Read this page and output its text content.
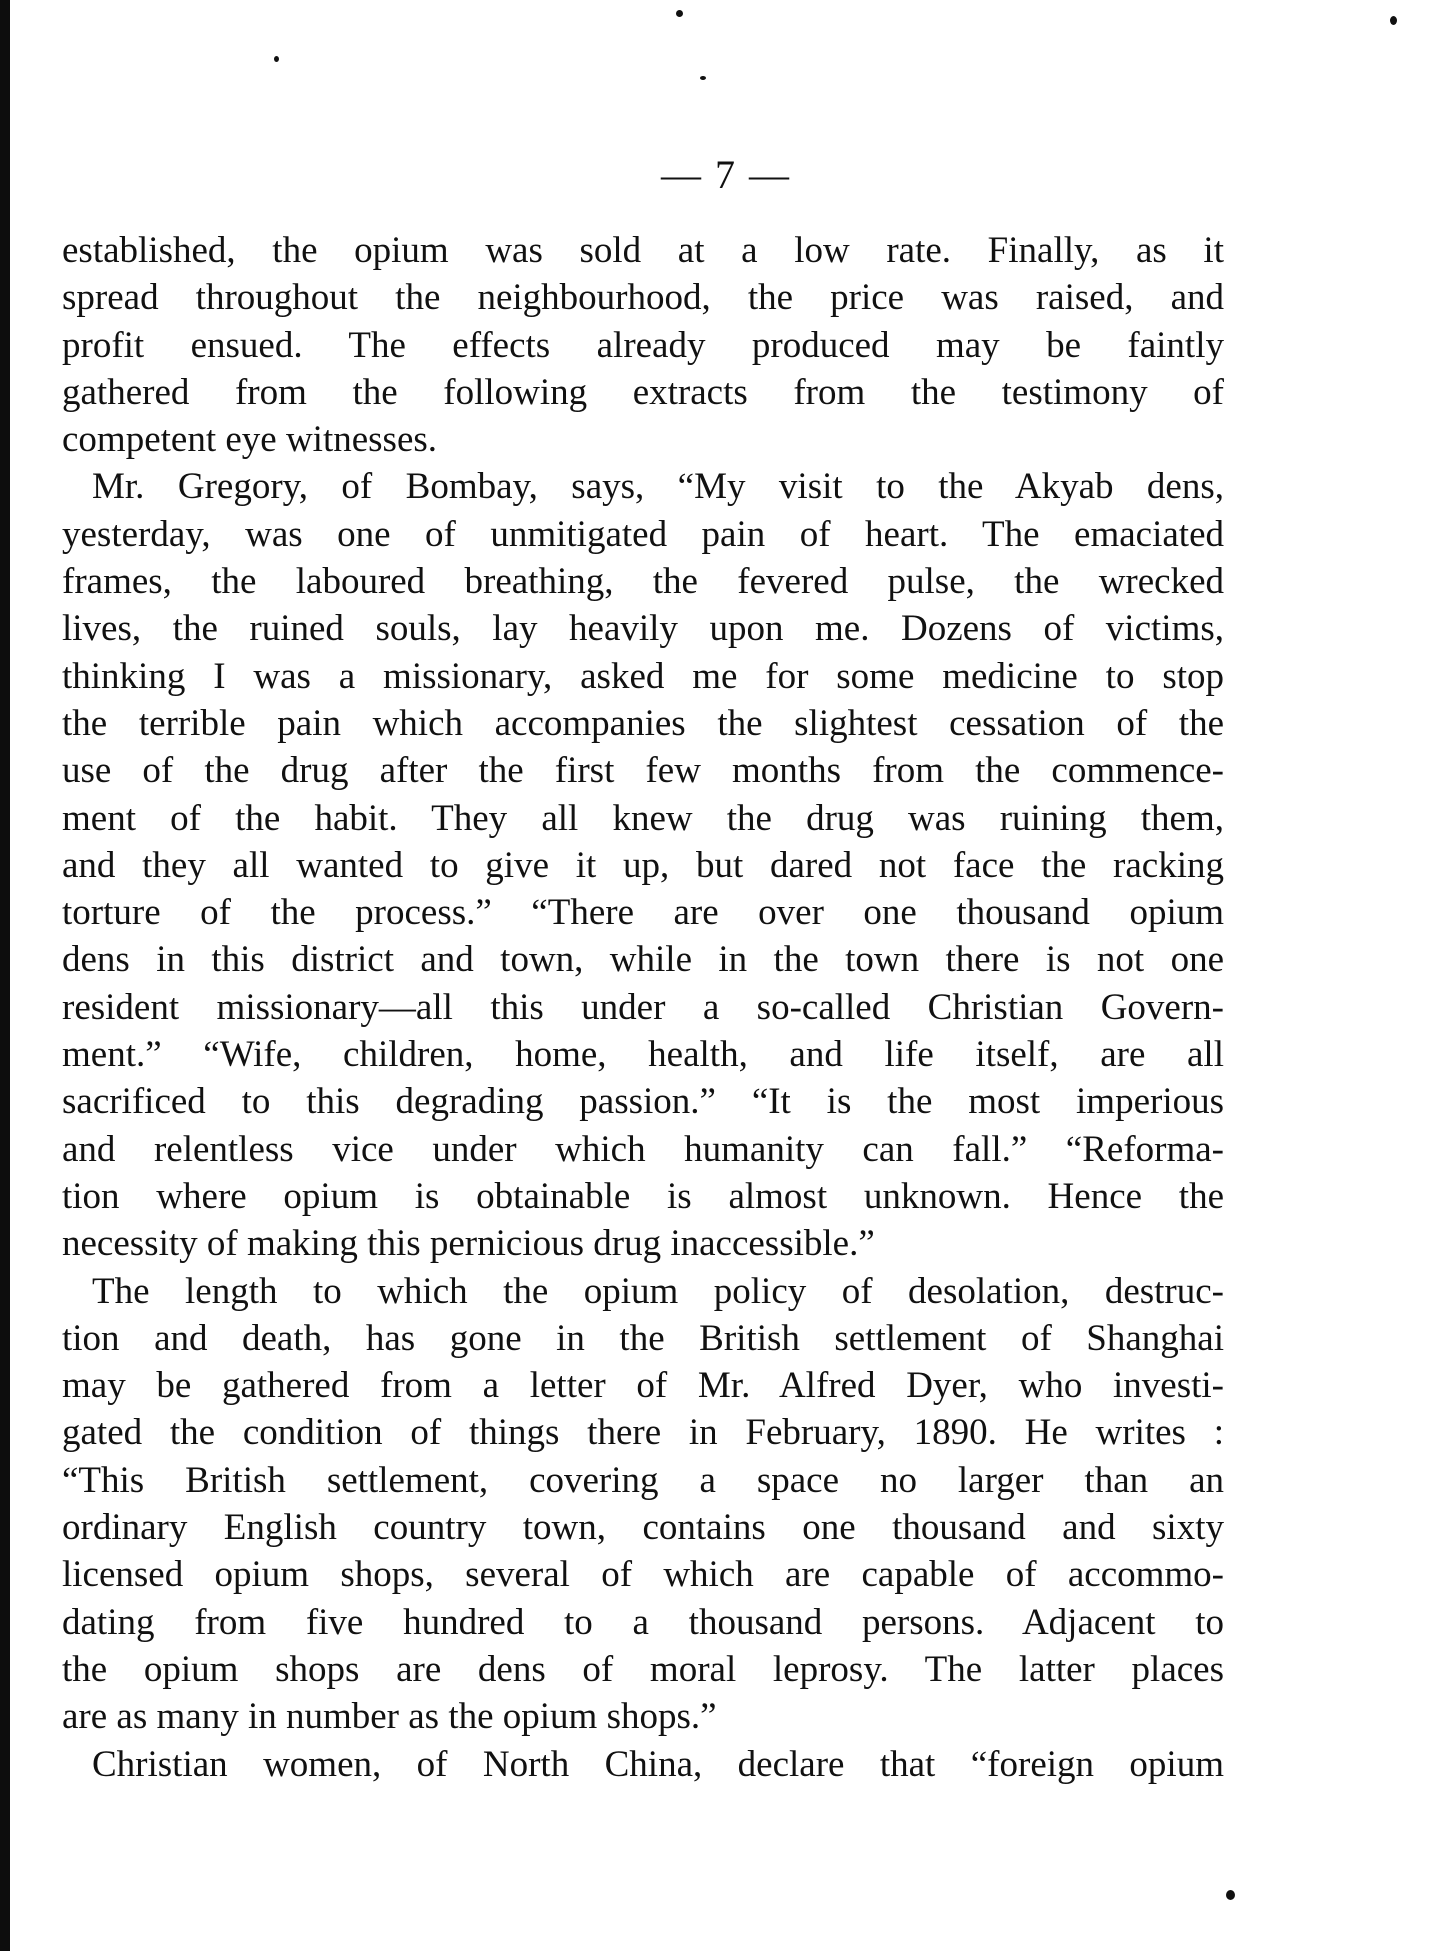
— 7 —
established, the opium was sold at a low rate. Finally, as it
spread throughout the neighbourhood, the price was raised, and
profit ensued. The effects already produced may be faintly
gathered from the following extracts from the testimony of
competent eye witnesses.
Mr. Gregory, of Bombay, says, “My visit to the Akyab dens,
yesterday, was one of unmitigated pain of heart. The emaciated
frames, the laboured breathing, the fevered pulse, the wrecked
lives, the ruined souls, lay heavily upon me. Dozens of victims,
thinking I was a missionary, asked me for some medicine to stop
the terrible pain which accompanies the slightest cessation of the
use of the drug after the first few months from the commence-
ment of the habit. They all knew the drug was ruining them,
and they all wanted to give it up, but dared not face the racking
torture of the process.” “There are over one thousand opium
dens in this district and town, while in the town there is not one
resident missionary—all this under a so-called Christian Govern-
ment.” “Wife, children, home, health, and life itself, are all
sacrificed to this degrading passion.” “It is the most imperious
and relentless vice under which humanity can fall.” “Reforma-
tion where opium is obtainable is almost unknown. Hence the
necessity of making this pernicious drug inaccessible.”
The length to which the opium policy of desolation, destruc-
tion and death, has gone in the British settlement of Shanghai
may be gathered from a letter of Mr. Alfred Dyer, who investi-
gated the condition of things there in February, 1890. He writes :
“This British settlement, covering a space no larger than an
ordinary English country town, contains one thousand and sixty
licensed opium shops, several of which are capable of accommo-
dating from five hundred to a thousand persons. Adjacent to
the opium shops are dens of moral leprosy. The latter places
are as many in number as the opium shops.”
Christian women, of North China, declare that “foreign opium
